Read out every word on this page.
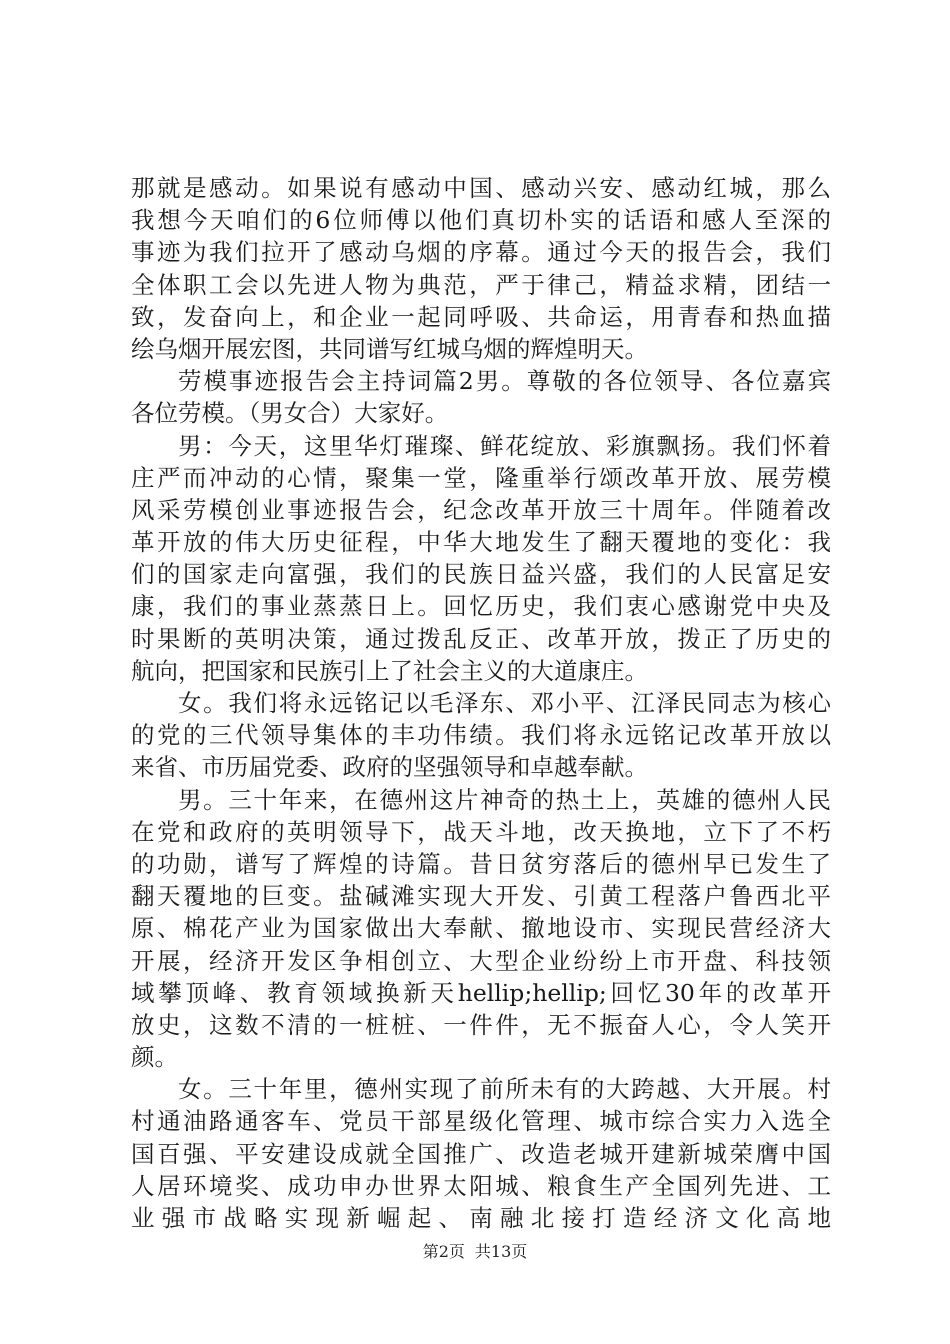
那就是感动。如果说有感动中国、感动兴安、感动红城，那么
我想今天咱们的6位师傅以他们真切朴实的话语和感人至深的
事迹为我们拉开了感动乌烟的序幕。通过今天的报告会，我们
全体职工会以先进人物为典范，严于律己，精益求精，团结一
致，发奋向上，和企业一起同呼吸、共命运，用青春和热血描
绘乌烟开展宏图，共同谱写红城乌烟的辉煌明天。
劳模事迹报告会主持词篇2男。尊敬的各位领导、各位嘉宾
各位劳模。（男女合）大家好。
男：今天，这里华灯璀璨、鲜花绽放、彩旗飘扬。我们怀着
庄严而冲动的心情，聚集一堂，隆重举行颂改革开放、展劳模
风采劳模创业事迹报告会，纪念改革开放三十周年。伴随着改
革开放的伟大历史征程，中华大地发生了翻天覆地的变化：我
们的国家走向富强，我们的民族日益兴盛，我们的人民富足安
康，我们的事业蒸蒸日上。回忆历史，我们衷心感谢党中央及
时果断的英明决策，通过拨乱反正、改革开放，拨正了历史的
航向，把国家和民族引上了社会主义的大道康庄。
女。我们将永远铭记以毛泽东、邓小平、江泽民同志为核心
的党的三代领导集体的丰功伟绩。我们将永远铭记改革开放以
来省、市历届党委、政府的坚强领导和卓越奉献。
男。三十年来，在德州这片神奇的热土上，英雄的德州人民
在党和政府的英明领导下，战天斗地，改天换地，立下了不朽
的功勋，谱写了辉煌的诗篇。昔日贫穷落后的德州早已发生了
翻天覆地的巨变。盐碱滩实现大开发、引黄工程落户鲁西北平
原、棉花产业为国家做出大奉献、撤地设市、实现民营经济大
开展，经济开发区争相创立、大型企业纷纷上市开盘、科技领
域攀顶峰、教育领域换新天hellip;hellip;回忆30年的改革开
放史，这数不清的一桩桩、一件件，无不振奋人心，令人笑开
颜。
女。三十年里，德州实现了前所未有的大跨越、大开展。村
村通油路通客车、党员干部星级化管理、城市综合实力入选全
国百强、平安建设成就全国推广、改造老城开建新城荣膺中国
人居环境奖、成功申办世界太阳城、粮食生产全国列先进、工
业强市战略实现新崛起、南融北接打造经济文化高地
第2页 共13页
